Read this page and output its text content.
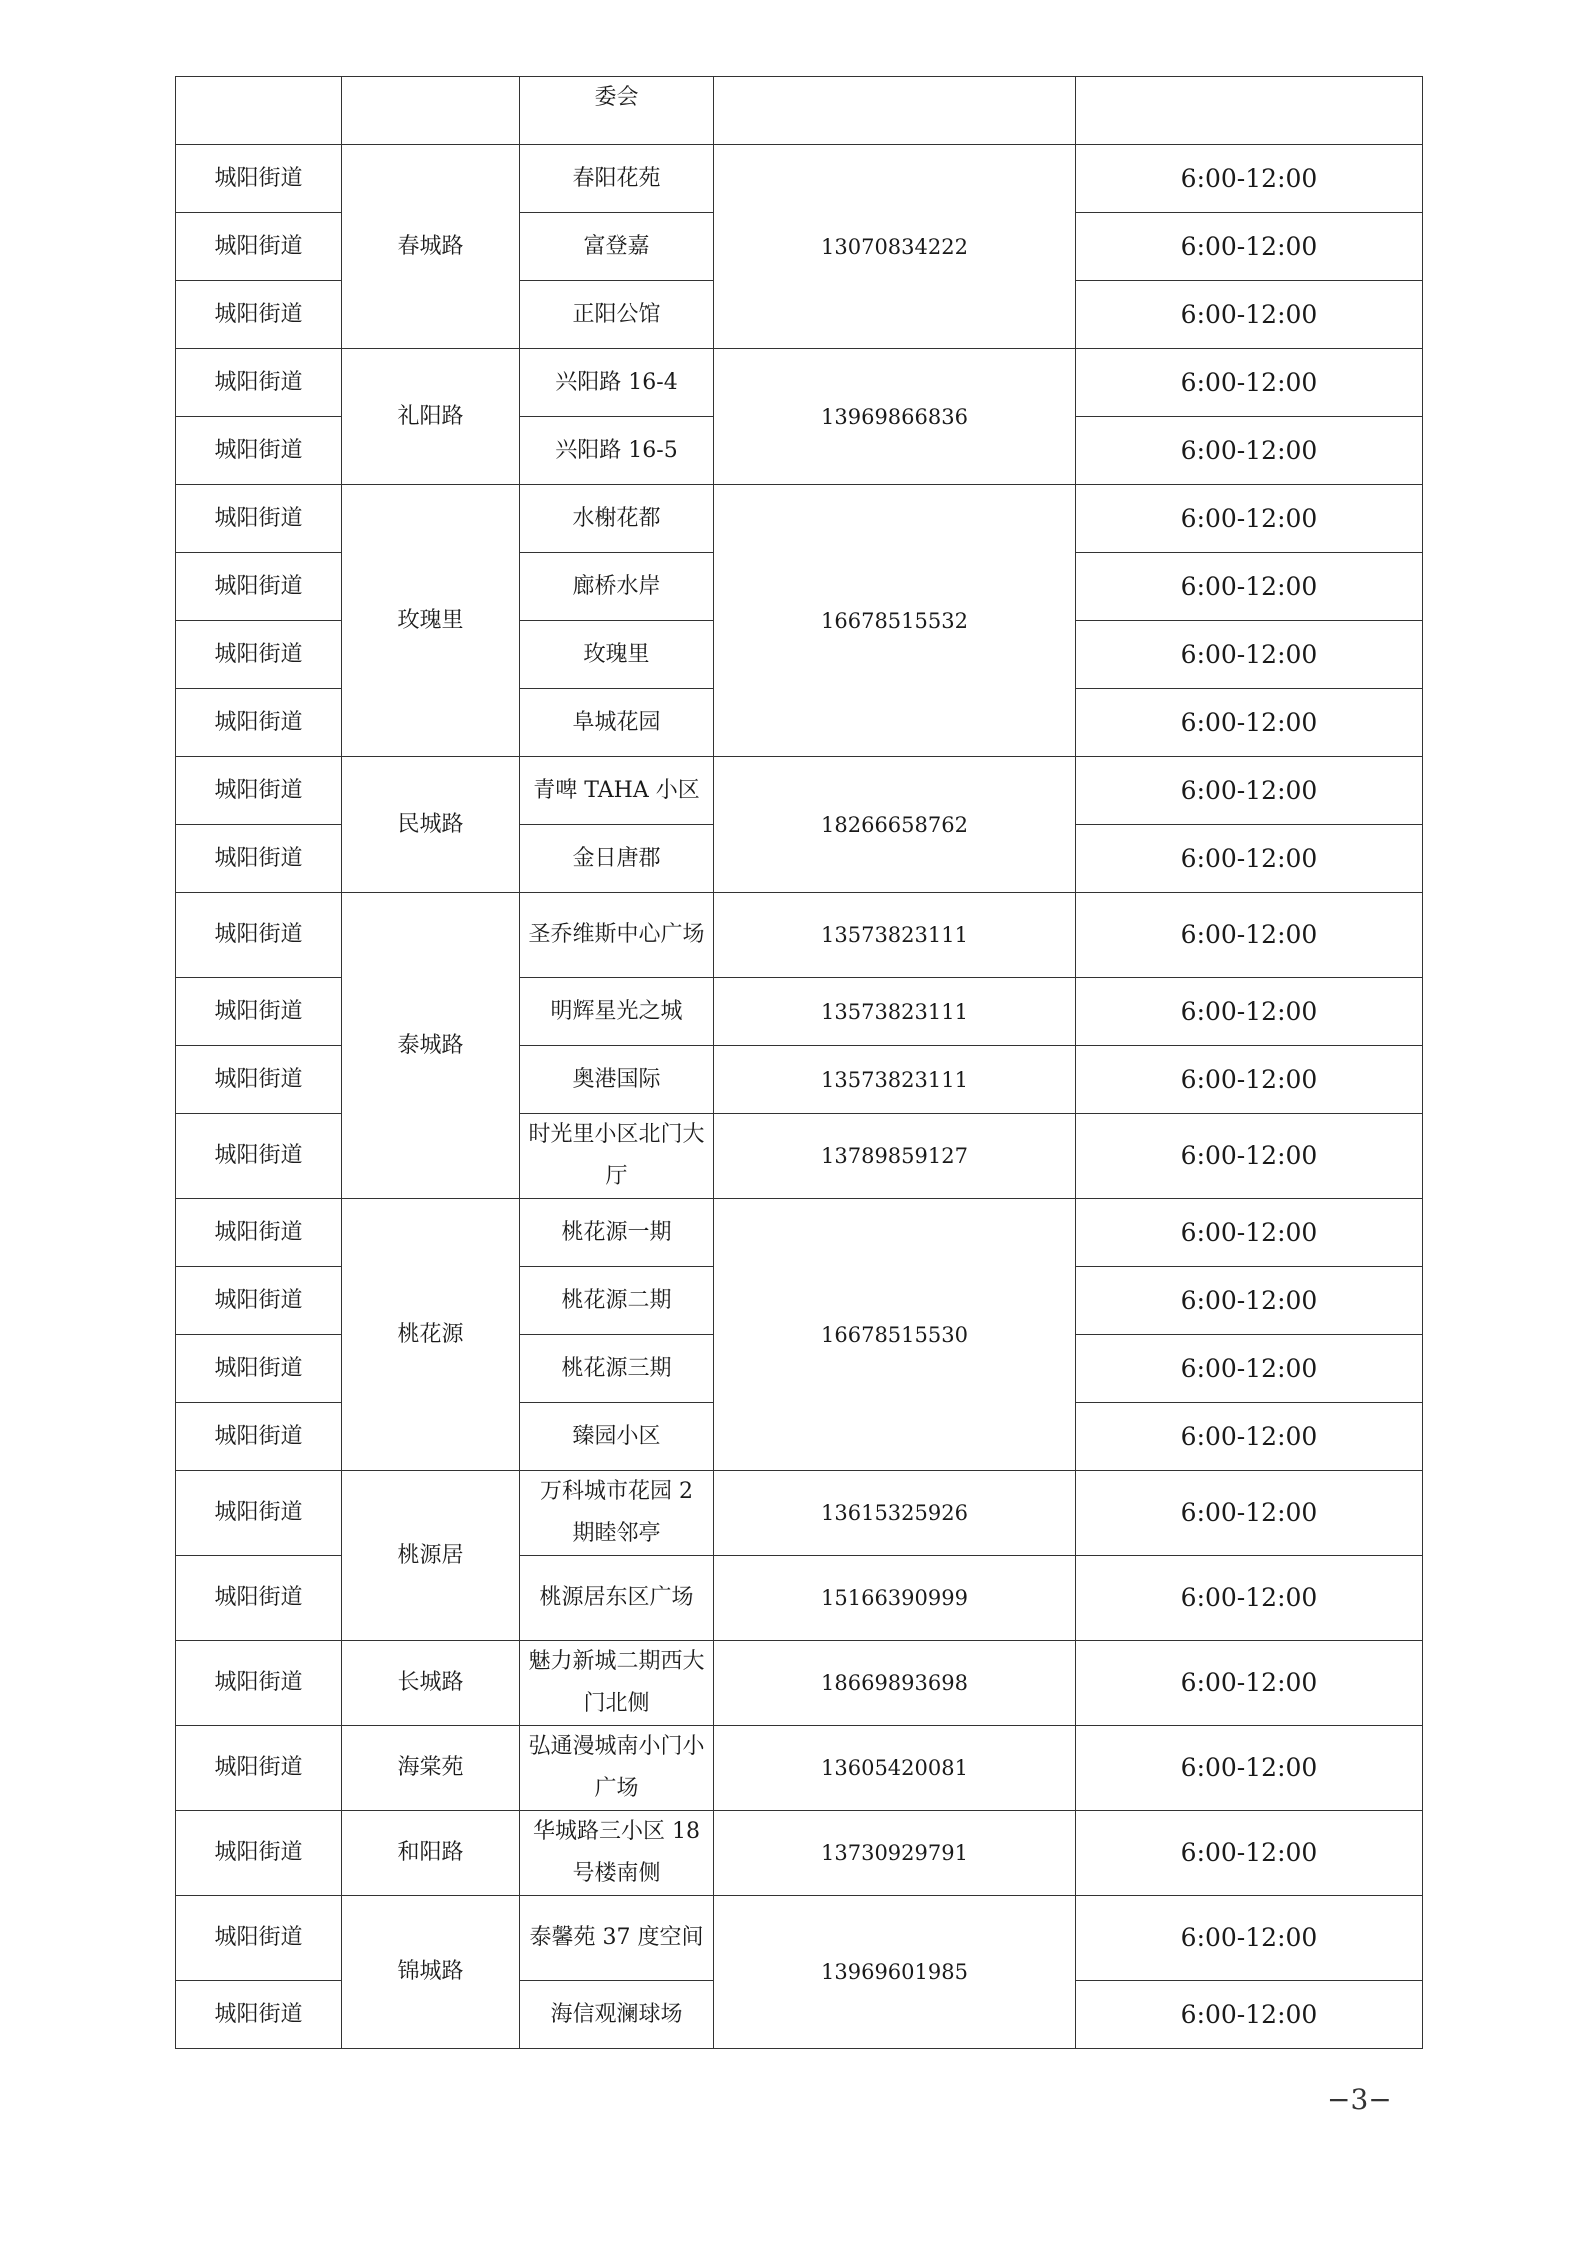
		委会		
城阳街道	春城路	春阳花苑	13070834222	6:00-12:00
城阳街道		富登嘉		6:00-12:00
城阳街道		正阳公馆		6:00-12:00
城阳街道	礼阳路	兴阳路 16-4	13969866836	6:00-12:00
城阳街道		兴阳路 16-5		6:00-12:00
城阳街道	玫瑰里	水榭花都	16678515532	6:00-12:00
城阳街道		廊桥水岸		6:00-12:00
城阳街道		玫瑰里		6:00-12:00
城阳街道		阜城花园		6:00-12:00
城阳街道	民城路	青啤 TAHA 小区	18266658762	6:00-12:00
城阳街道		金日唐郡		6:00-12:00
城阳街道	泰城路	圣乔维斯中心广场	13573823111	6:00-12:00
城阳街道		明辉星光之城	13573823111	6:00-12:00
城阳街道		奥港国际	13573823111	6:00-12:00
城阳街道		时光里小区北门大厅	13789859127	6:00-12:00
城阳街道	桃花源	桃花源一期	16678515530	6:00-12:00
城阳街道		桃花源二期		6:00-12:00
城阳街道		桃花源三期		6:00-12:00
城阳街道		臻园小区		6:00-12:00
城阳街道	桃源居	万科城市花园 2 期睦邻亭	13615325926	6:00-12:00
城阳街道		桃源居东区广场	15166390999	6:00-12:00
城阳街道	长城路	魅力新城二期西大门北侧	18669893698	6:00-12:00
城阳街道	海棠苑	弘通漫城南小门小广场	13605420081	6:00-12:00
城阳街道	和阳路	华城路三小区 18 号楼南侧	13730929791	6:00-12:00
城阳街道	锦城路	泰馨苑 37 度空间	13969601985	6:00-12:00
城阳街道		海信观澜球场		6:00-12:00
−3−
